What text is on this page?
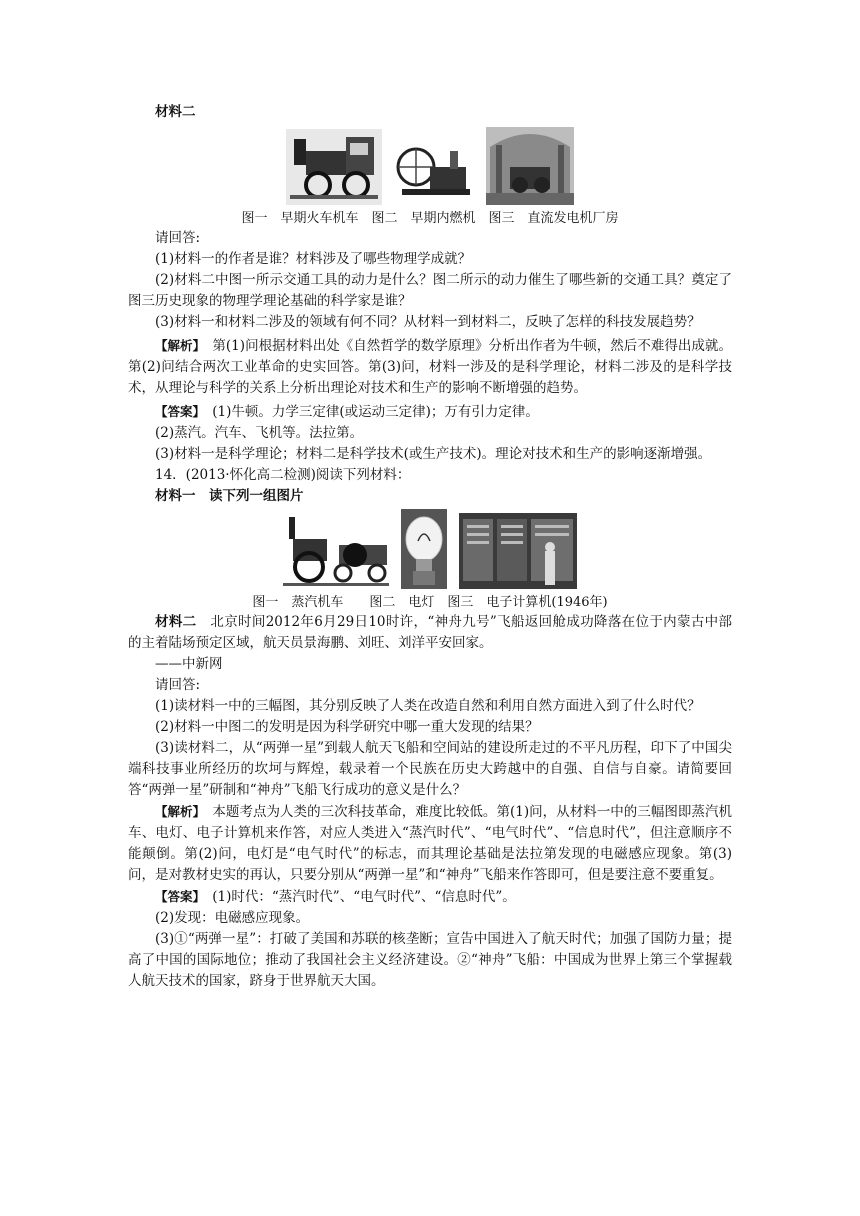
材料二

图一　早期火车机车　图二　早期内燃机　图三　直流发电机厂房

请回答:

(1)材料一的作者是谁？材料涉及了哪些物理学成就？

(2)材料二中图一所示交通工具的动力是什么？图二所示的动力催生了哪些新的交通工具？奠定了图三历史现象的物理学理论基础的科学家是谁？

(3)材料一和材料二涉及的领域有何不同？从材料一到材料二，反映了怎样的科技发展趋势？

【解析】　 第(1)问根据材料出处《自然哲学的数学原理》分析出作者为牛顿，然后不难得出成就。第(2)问结合两次工业革命的史实回答。第(3)问，材料一涉及的是科学理论，材料二涉及的是科学技术，从理论与科学的关系上分析出理论对技术和生产的影响不断增强的趋势。

【答案】　 (1)牛顿。力学三定律(或运动三定律)；万有引力定律。

(2)蒸汽。汽车、飞机等。法拉第。

(3)材料一是科学理论；材料二是科学技术(或生产技术)。理论对技术和生产的影响逐渐增强。

14．(2013·怀化高二检测)阅读下列材料：

材料一　读下列一组图片

图一　蒸汽机车　　图二　电灯　图三　电子计算机(1946年)

材料二　 北京时间2012年6月29日10时许，“神舟九号”飞船返回舱成功降落在位于内蒙古中部的主着陆场预定区域，航天员景海鹏、刘旺、刘洋平安回家。

——中新网

请回答:

(1)读材料一中的三幅图，其分别反映了人类在改造自然和利用自然方面进入到了什么时代？

(2)材料一中图二的发明是因为科学研究中哪一重大发现的结果？

(3)读材料二，从“两弹一星”到载人航天飞船和空间站的建设所走过的不平凡历程，印下了中国尖端科技事业所经历的坎坷与辉煌，载录着一个民族在历史大跨越中的自强、自信与自豪。请简要回答“两弹一星”研制和“神舟”飞船飞行成功的意义是什么？

【解析】　 本题考点为人类的三次科技革命，难度比较低。第(1)问，从材料一中的三幅图即蒸汽机车、电灯、电子计算机来作答，对应人类进入“蒸汽时代”、“电气时代”、“信息时代”，但注意顺序不能颠倒。第(2)问，电灯是“电气时代”的标志，而其理论基础是法拉第发现的电磁感应现象。第(3)问，是对教材史实的再认，只要分别从“两弹一星”和“神舟”飞船来作答即可，但是要注意不要重复。

【答案】　 (1)时代：“蒸汽时代”、“电气时代”、“信息时代”。

(2)发现：电磁感应现象。

(3)①“两弹一星”：打破了美国和苏联的核垄断；宣告中国进入了航天时代；加强了国防力量；提高了中国的国际地位；推动了我国社会主义经济建设。②“神舟”飞船：中国成为世界上第三个掌握载人航天技术的国家，跻身于世界航天大国。
